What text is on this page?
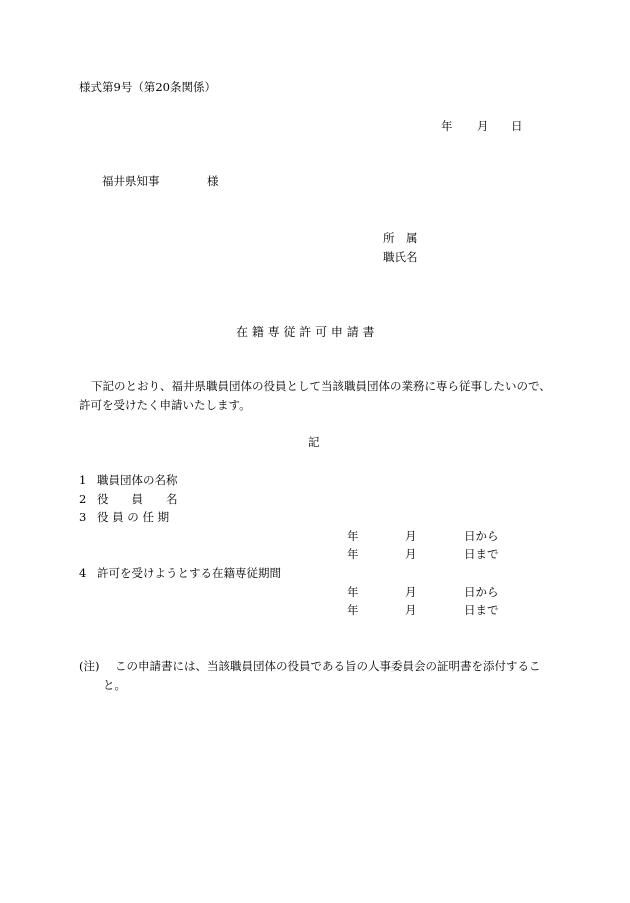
様式第9号（第20条関係）
年 月 日
福井県知事	様
所　属
職氏名
在 籍 専 従 許 可 申 請 書
下記のとおり、福井県職員団体の役員として当該職員団体の業務に専ら従事したいので、
許可を受けたく申請いたします。
記
1 職員団体の名称
2 役　　員　　名
3 役 員 の 任 期
年	月	日から
年	月	日まで
4 許可を受けようとする在籍専従期間
年	月	日から
年	月	日まで
(注) この申請書には、当該職員団体の役員である旨の人事委員会の証明書を添付するこ
と。
